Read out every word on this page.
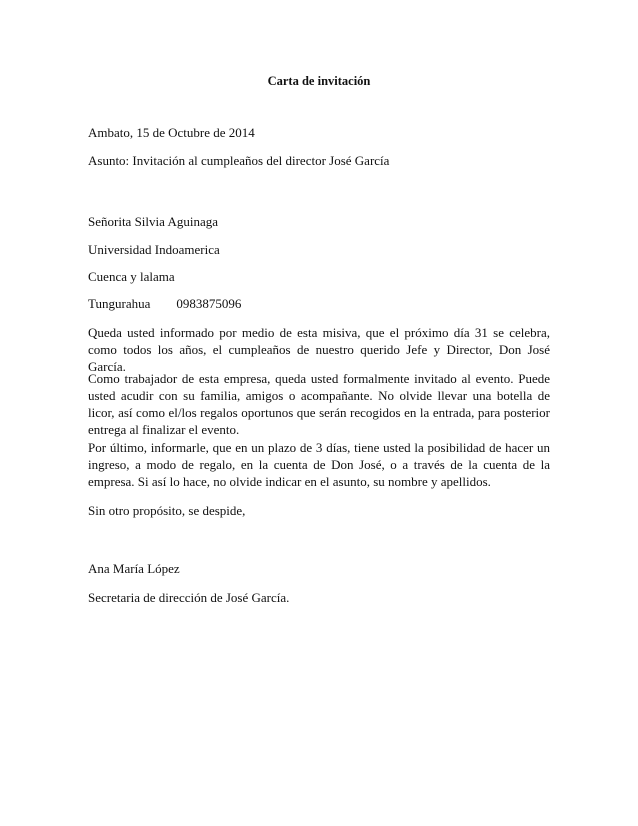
Carta de invitación
Ambato, 15 de Octubre de 2014
Asunto: Invitación al cumpleaños del director José García
Señorita Silvia Aguinaga
Universidad Indoamerica
Cuenca y lalama
Tungurahua 0983875096
Queda usted informado por medio de esta misiva, que el próximo día 31 se celebra, como todos los años, el cumpleaños de nuestro querido Jefe y Director, Don José García.
Como trabajador de esta empresa, queda usted formalmente invitado al evento. Puede usted acudir con su familia, amigos o acompañante. No olvide llevar una botella de licor, así como el/los regalos oportunos que serán recogidos en la entrada, para posterior entrega al finalizar el evento.
Por último, informarle, que en un plazo de 3 días, tiene usted la posibilidad de hacer un ingreso, a modo de regalo, en la cuenta de Don José, o a través de la cuenta de la empresa. Si así lo hace, no olvide indicar en el asunto, su nombre y apellidos.
Sin otro propósito, se despide,
Ana María López
Secretaria de dirección de José García.
